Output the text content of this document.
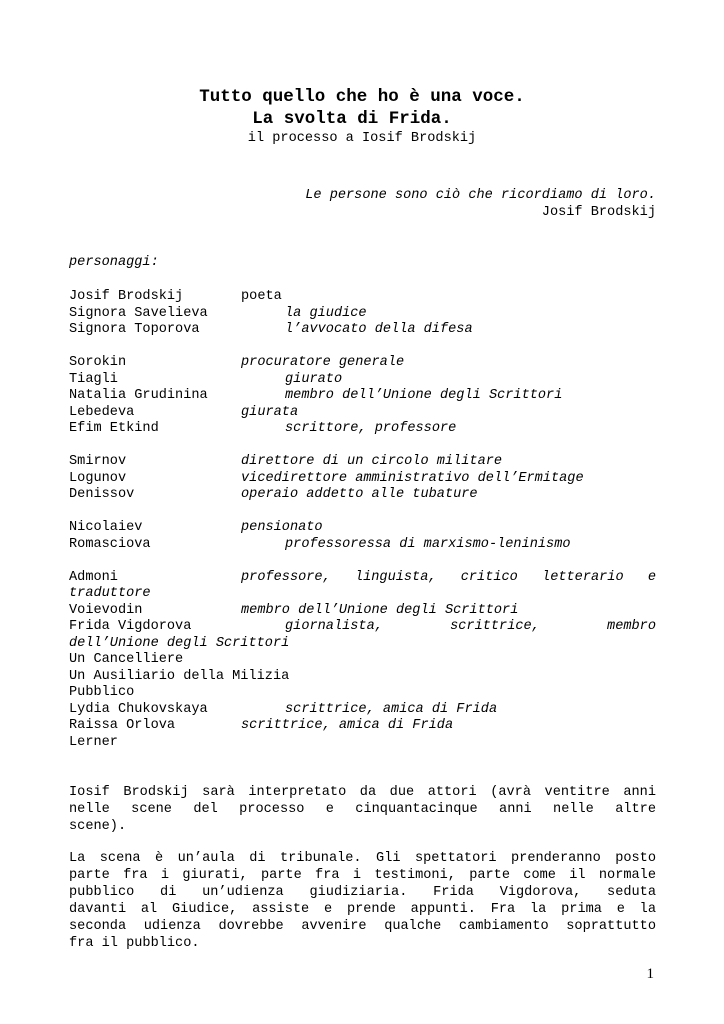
Tutto quello che ho è una voce.
La svolta di Frida.
il processo a Iosif Brodskij
Le persone sono ciò che ricordiamo di loro.
Josif Brodskij
personaggi:
Josif Brodskij	poeta
Signora Savelieva	la giudice
Signora Toporova	l’avvocato della difesa
Sorokin	procuratore generale
Tiagli	giurato
Natalia Grudinina	membro dell’Unione degli Scrittori
Lebedeva	giurata
Efim Etkind	scrittore, professore
Smirnov	direttore di un circolo militare
Logunov	vicedirettore amministrativo dell’Ermitage
Denissov	operaio addetto alle tubature
Nicolaiev	pensionato
Romasciova	professoressa di marxismo-leninismo
Admoni	professore, linguista, critico letterario e
traduttore
Voievodin	membro dell’Unione degli Scrittori
Frida Vigdorova	giornalista, scrittrice, membro
dell’Unione degli Scrittori
Un Cancelliere
Un Ausiliario della Milizia
Pubblico
Lydia Chukovskaya	scrittrice, amica di Frida
Raissa Orlova	scrittrice, amica di Frida
Lerner
Iosif Brodskij sarà interpretato da due attori (avrà ventitre anni
nelle scene del processo e cinquantacinque anni nelle altre
scene).
La scena è un’aula di tribunale. Gli spettatori prenderanno posto
parte fra i giurati, parte fra i testimoni, parte come il normale
pubblico di un’udienza giudiziaria. Frida Vigdorova, seduta
davanti al Giudice, assiste e prende appunti. Fra la prima e la
seconda udienza dovrebbe avvenire qualche cambiamento soprattutto
fra il pubblico.
1
